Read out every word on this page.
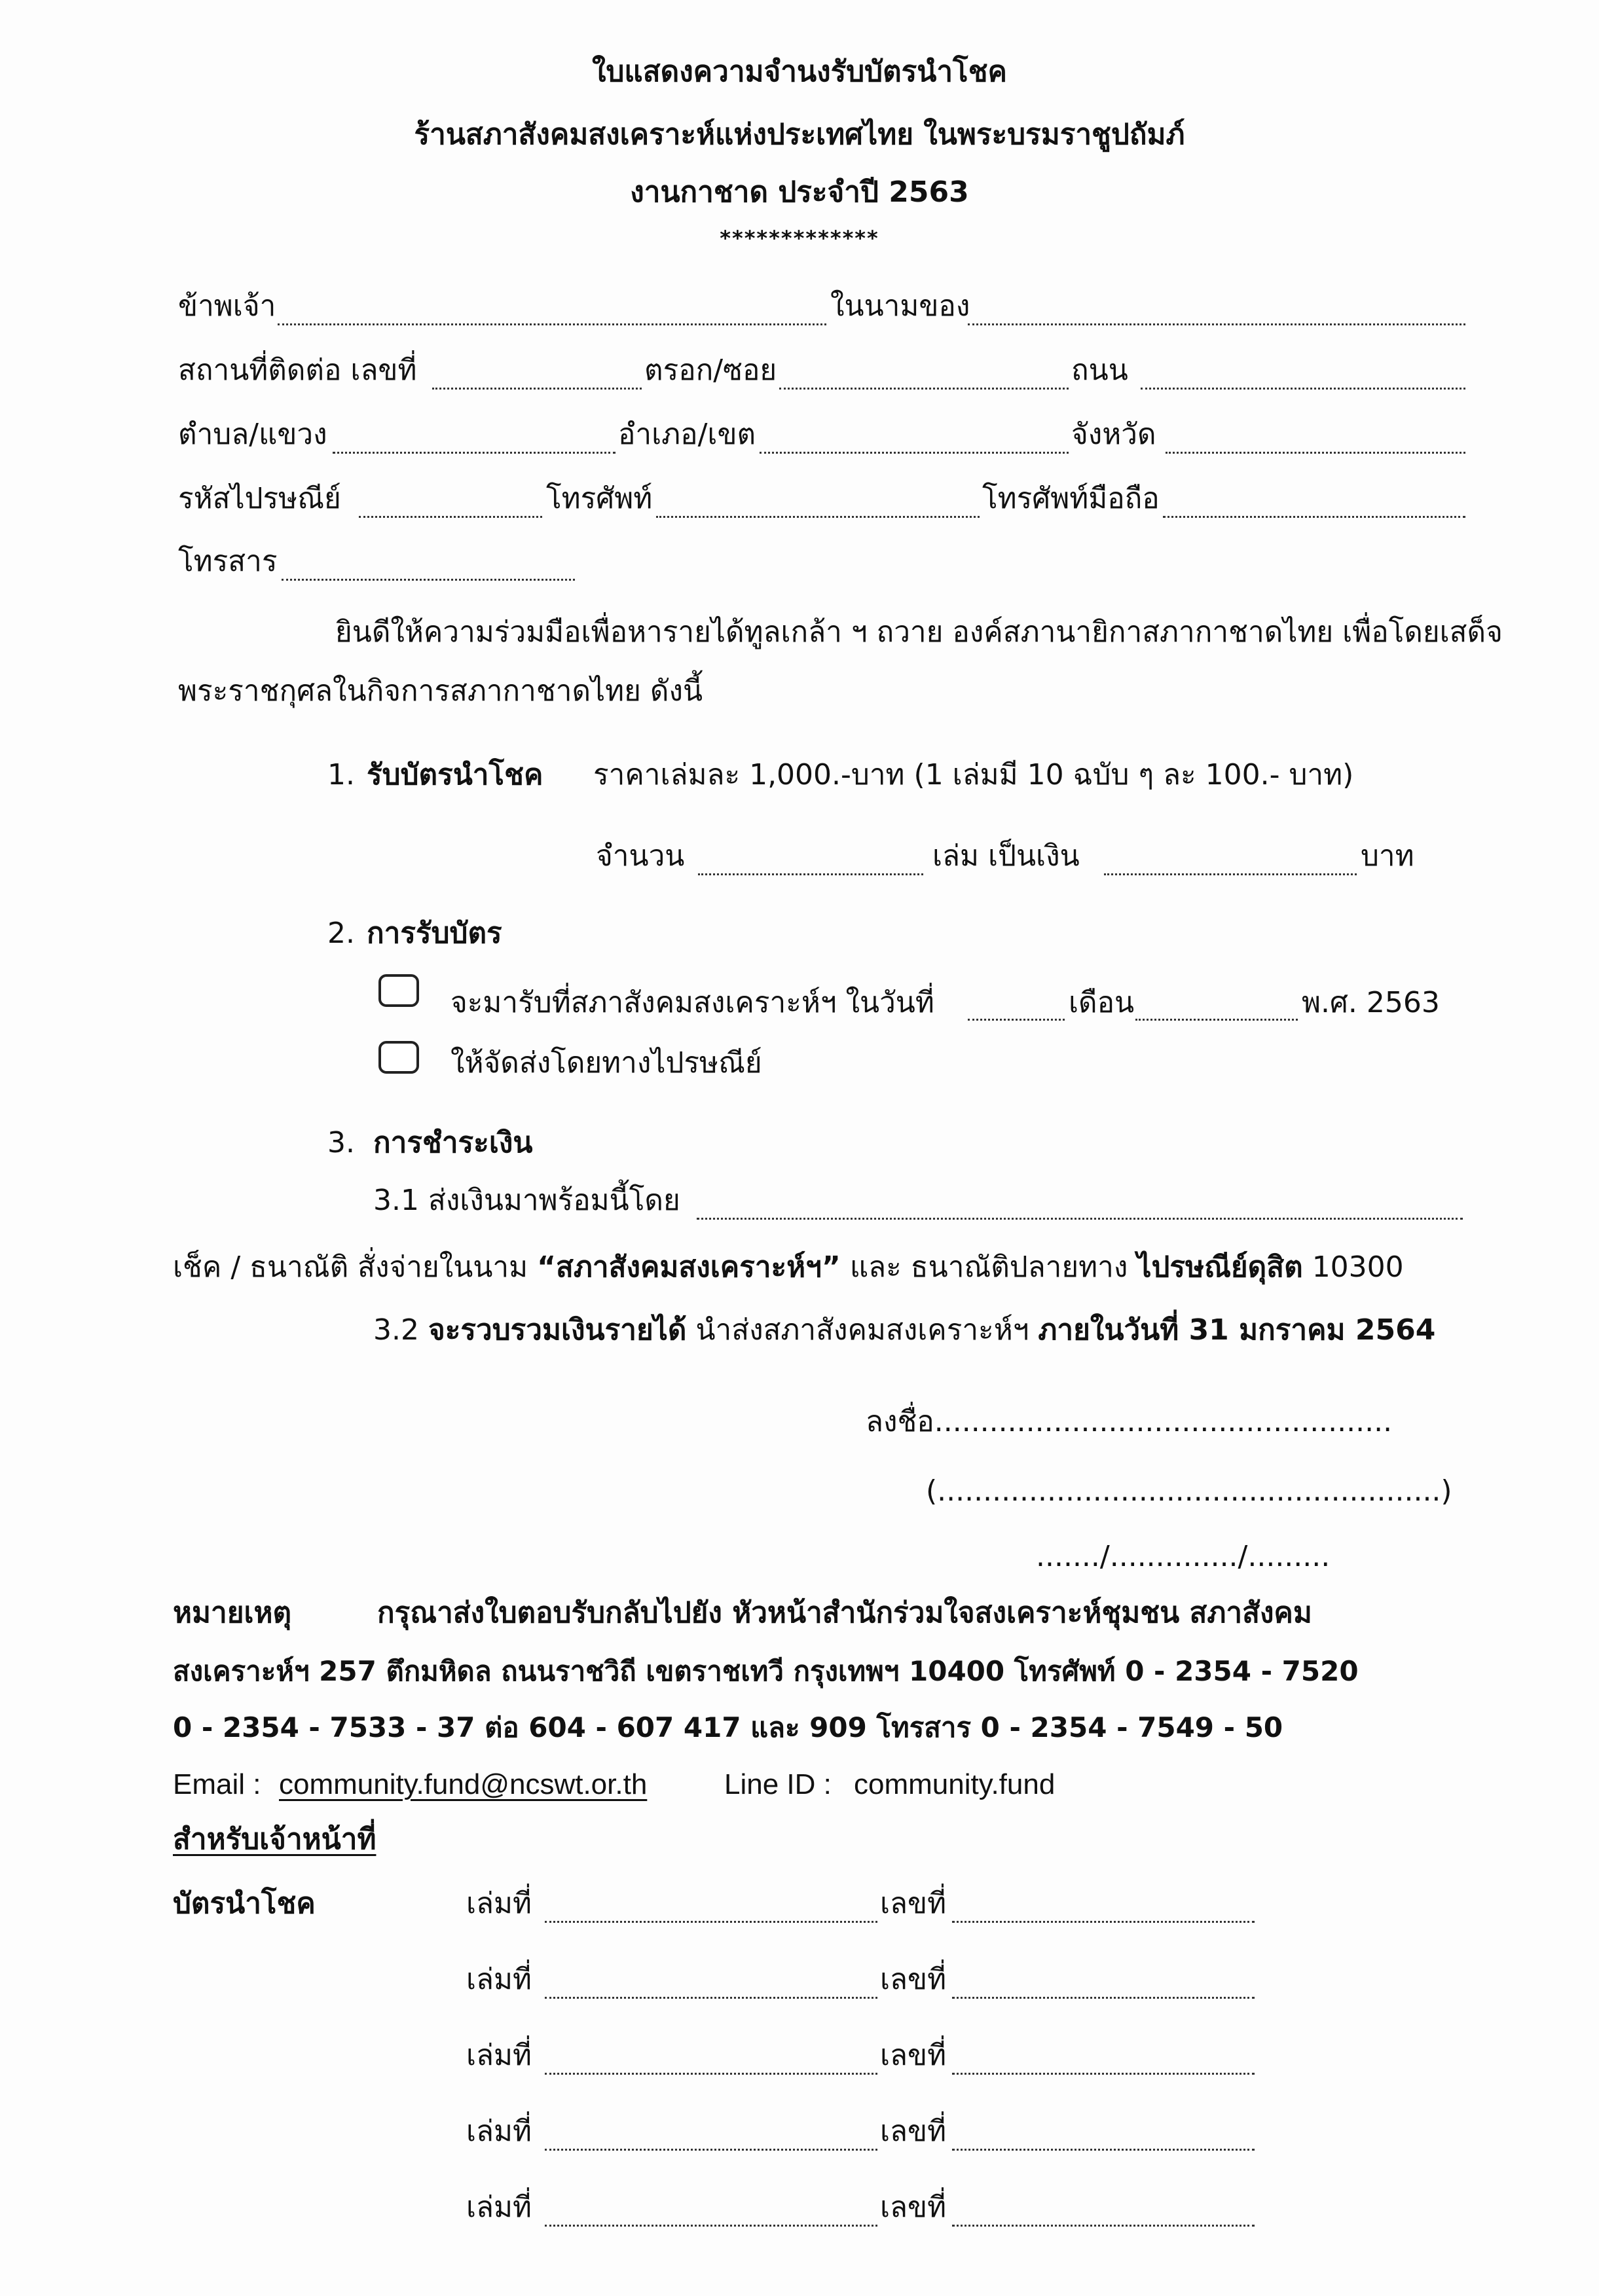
ใบแสดงความจำนงรับบัตรนำโชค
ร้านสภาสังคมสงเคราะห์แห่งประเทศไทย ในพระบรมราชูปถัมภ์
งานกาชาด ประจำปี 2563
*************
ข้าพเจ้า	ในนามของ
สถานที่ติดต่อ เลขที่	ตรอก/ซอย	ถนน
ตำบล/แขวง	อำเภอ/เขต	จังหวัด
รหัสไปรษณีย์	โทรศัพท์	โทรศัพท์มือถือ
โทรสาร
ยินดีให้ความร่วมมือเพื่อหารายได้ทูลเกล้า ฯ ถวาย องค์สภานายิกาสภากาชาดไทย เพื่อโดยเสด็จ
พระราชกุศลในกิจการสภากาชาดไทย ดังนี้
1. รับบัตรนำโชค ราคาเล่มละ 1,000.-บาท (1 เล่มมี 10 ฉบับ ๆ ละ 100.- บาท)
จำนวน	เล่ม เป็นเงิน	บาท
2. การรับบัตร
จะมารับที่สภาสังคมสงเคราะห์ฯ ในวันที่	เดือน	พ.ศ. 2563
ให้จัดส่งโดยทางไปรษณีย์
3. การชำระเงิน
3.1 ส่งเงินมาพร้อมนี้โดย
เช็ค / ธนาณัติ สั่งจ่ายในนาม “สภาสังคมสงเคราะห์ฯ” และ ธนาณัติปลายทาง ไปรษณีย์ดุสิต 10300
3.2 จะรวบรวมเงินรายได้ นำส่งสภาสังคมสงเคราะห์ฯ ภายในวันที่ 31 มกราคม 2564
ลงชื่อ..................................................
(.......................................................)
......./............../.........
หมายเหตุ	กรุณาส่งใบตอบรับกลับไปยัง หัวหน้าสำนักร่วมใจสงเคราะห์ชุมชน สภาสังคม
สงเคราะห์ฯ 257 ตึกมหิดล ถนนราชวิถี เขตราชเทวี กรุงเทพฯ 10400 โทรศัพท์ 0 - 2354 - 7520
0 - 2354 - 7533 - 37 ต่อ 604 - 607 417 และ 909 โทรสาร 0 - 2354 - 7549 - 50
Email : community.fund@ncswt.or.th	Line ID : community.fund
สำหรับเจ้าหน้าที่
บัตรนำโชค	เล่มที่	เลขที่
เล่มที่	เลขที่
เล่มที่	เลขที่
เล่มที่	เลขที่
เล่มที่	เลขที่
